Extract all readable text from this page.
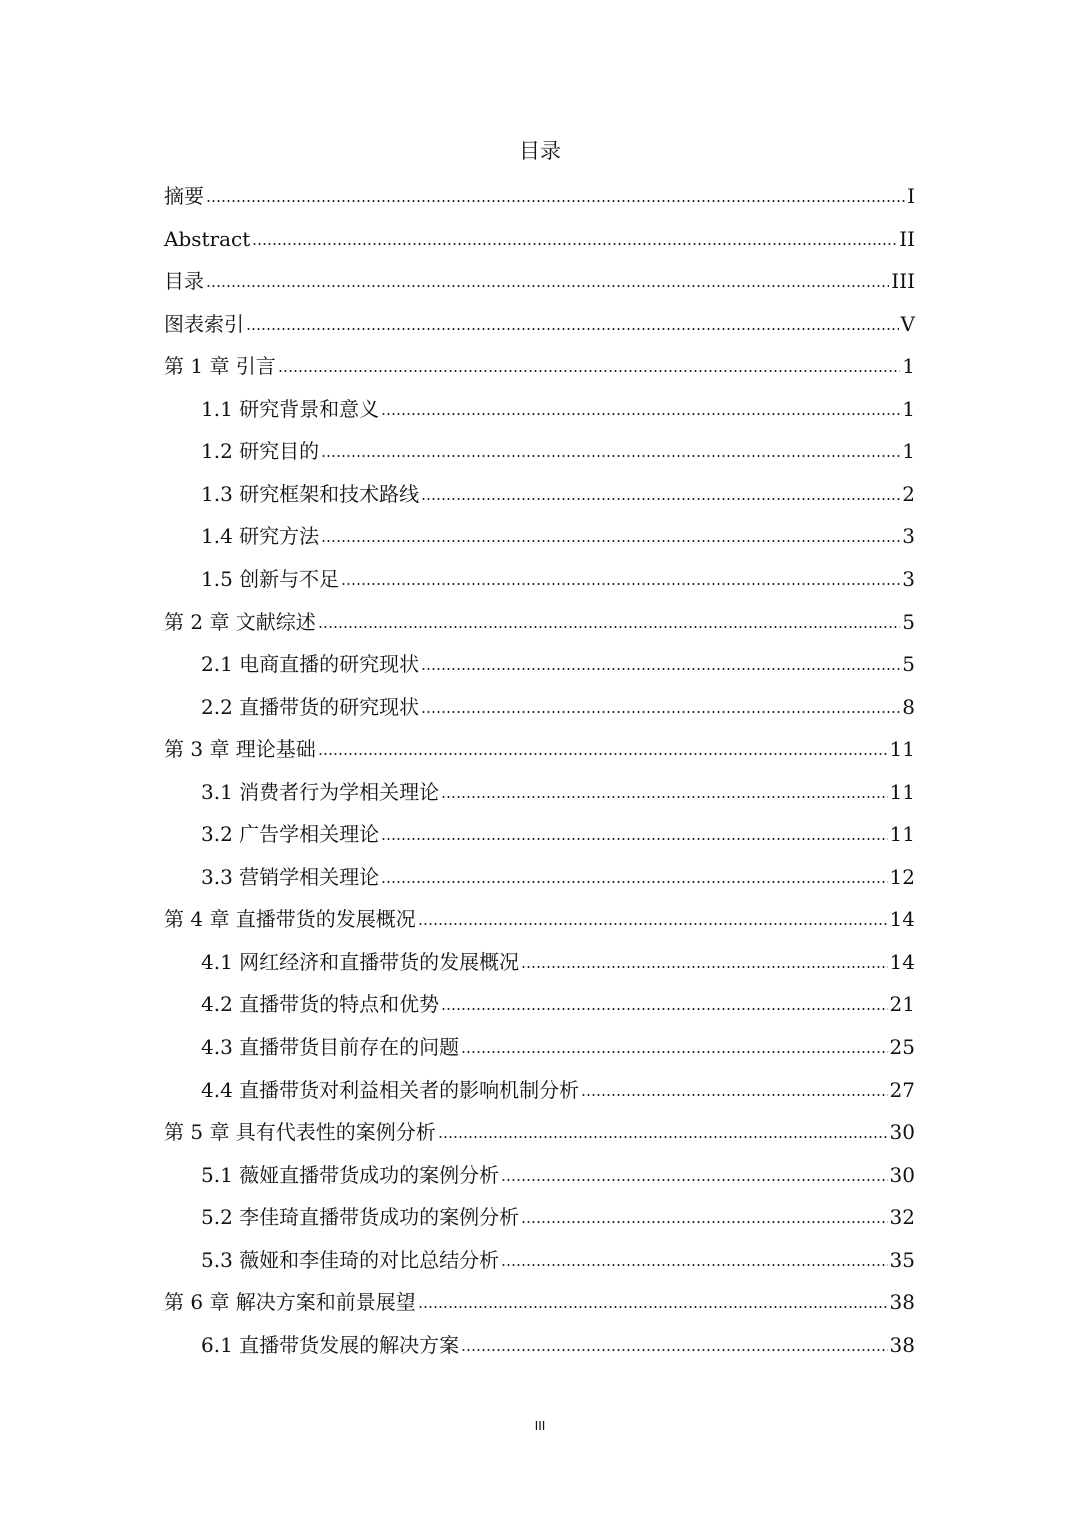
目录
摘要	I
Abstract	II
目录	III
图表索引	V
第 1 章 引言	1
1.1 研究背景和意义	1
1.2 研究目的	1
1.3 研究框架和技术路线	2
1.4 研究方法	3
1.5 创新与不足	3
第 2 章 文献综述	5
2.1 电商直播的研究现状	5
2.2 直播带货的研究现状	8
第 3 章 理论基础	11
3.1 消费者行为学相关理论	11
3.2 广告学相关理论	11
3.3 营销学相关理论	12
第 4 章 直播带货的发展概况	14
4.1 网红经济和直播带货的发展概况	14
4.2 直播带货的特点和优势	21
4.3 直播带货目前存在的问题	25
4.4 直播带货对利益相关者的影响机制分析	27
第 5 章 具有代表性的案例分析	30
5.1 薇娅直播带货成功的案例分析	30
5.2 李佳琦直播带货成功的案例分析	32
5.3 薇娅和李佳琦的对比总结分析	35
第 6 章 解决方案和前景展望	38
6.1 直播带货发展的解决方案	38
III
